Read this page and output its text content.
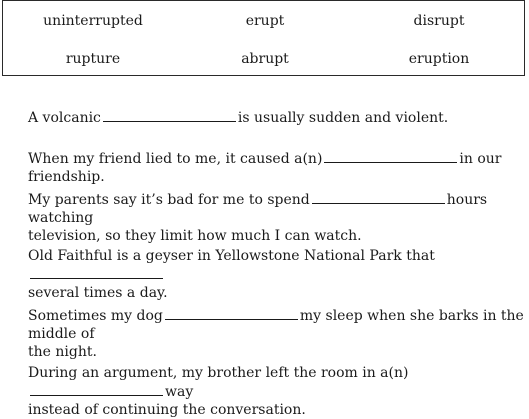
uninterrupted	erupt	disrupt
rupture	abrupt	eruption
A volcanic	is usually sudden and violent.
When my friend lied to me, it caused a(n)	in our friendship.
My parents say it’s bad for me to spend	hours watching
television, so they limit how much I can watch.
Old Faithful is a geyser in Yellowstone National Park that
several times a day.
Sometimes my dog	my sleep when she barks in the middle of
the night.
During an argument, my brother left the room in a(n)way
instead of continuing the conversation.
